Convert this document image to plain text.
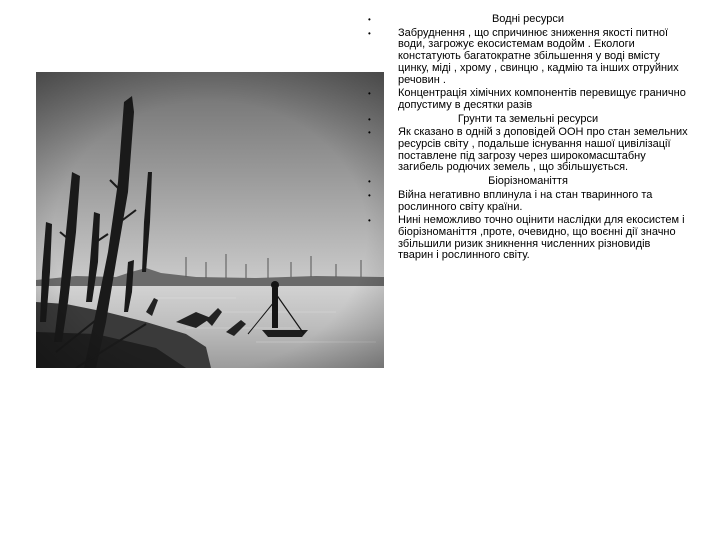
•	Водні ресурси
• Забруднення , що спричинює зниження якості питної води, загрожує екосистемам водойм . Екологи констатують багатократне збільшення у воді вмісту цинку, міді , хрому , свинцю , кадмію та інших отруйних речовин .
• Концентрація хімічних компонентів перевищує гранично допустиму в десятки разів
•	Грунти та земельні ресурси
• Як сказано в одній з доповідей ООН про стан земельних ресурсів світу , подальше існування нашої цивілізації поставлене під загрозу через широкомасштабну загибель родючих земель , що збільшується.
•	Біорізноманіття
• Війна негативно вплинула і на стан тваринного та рослинного світу країни.
• Нині неможливо точно оцінити наслідки для екосистем і біорізноманіття ,проте, очевидно, що воєнні дії значно збільшили ризик зникнення численних різновидів тварин і рослинного світу.
